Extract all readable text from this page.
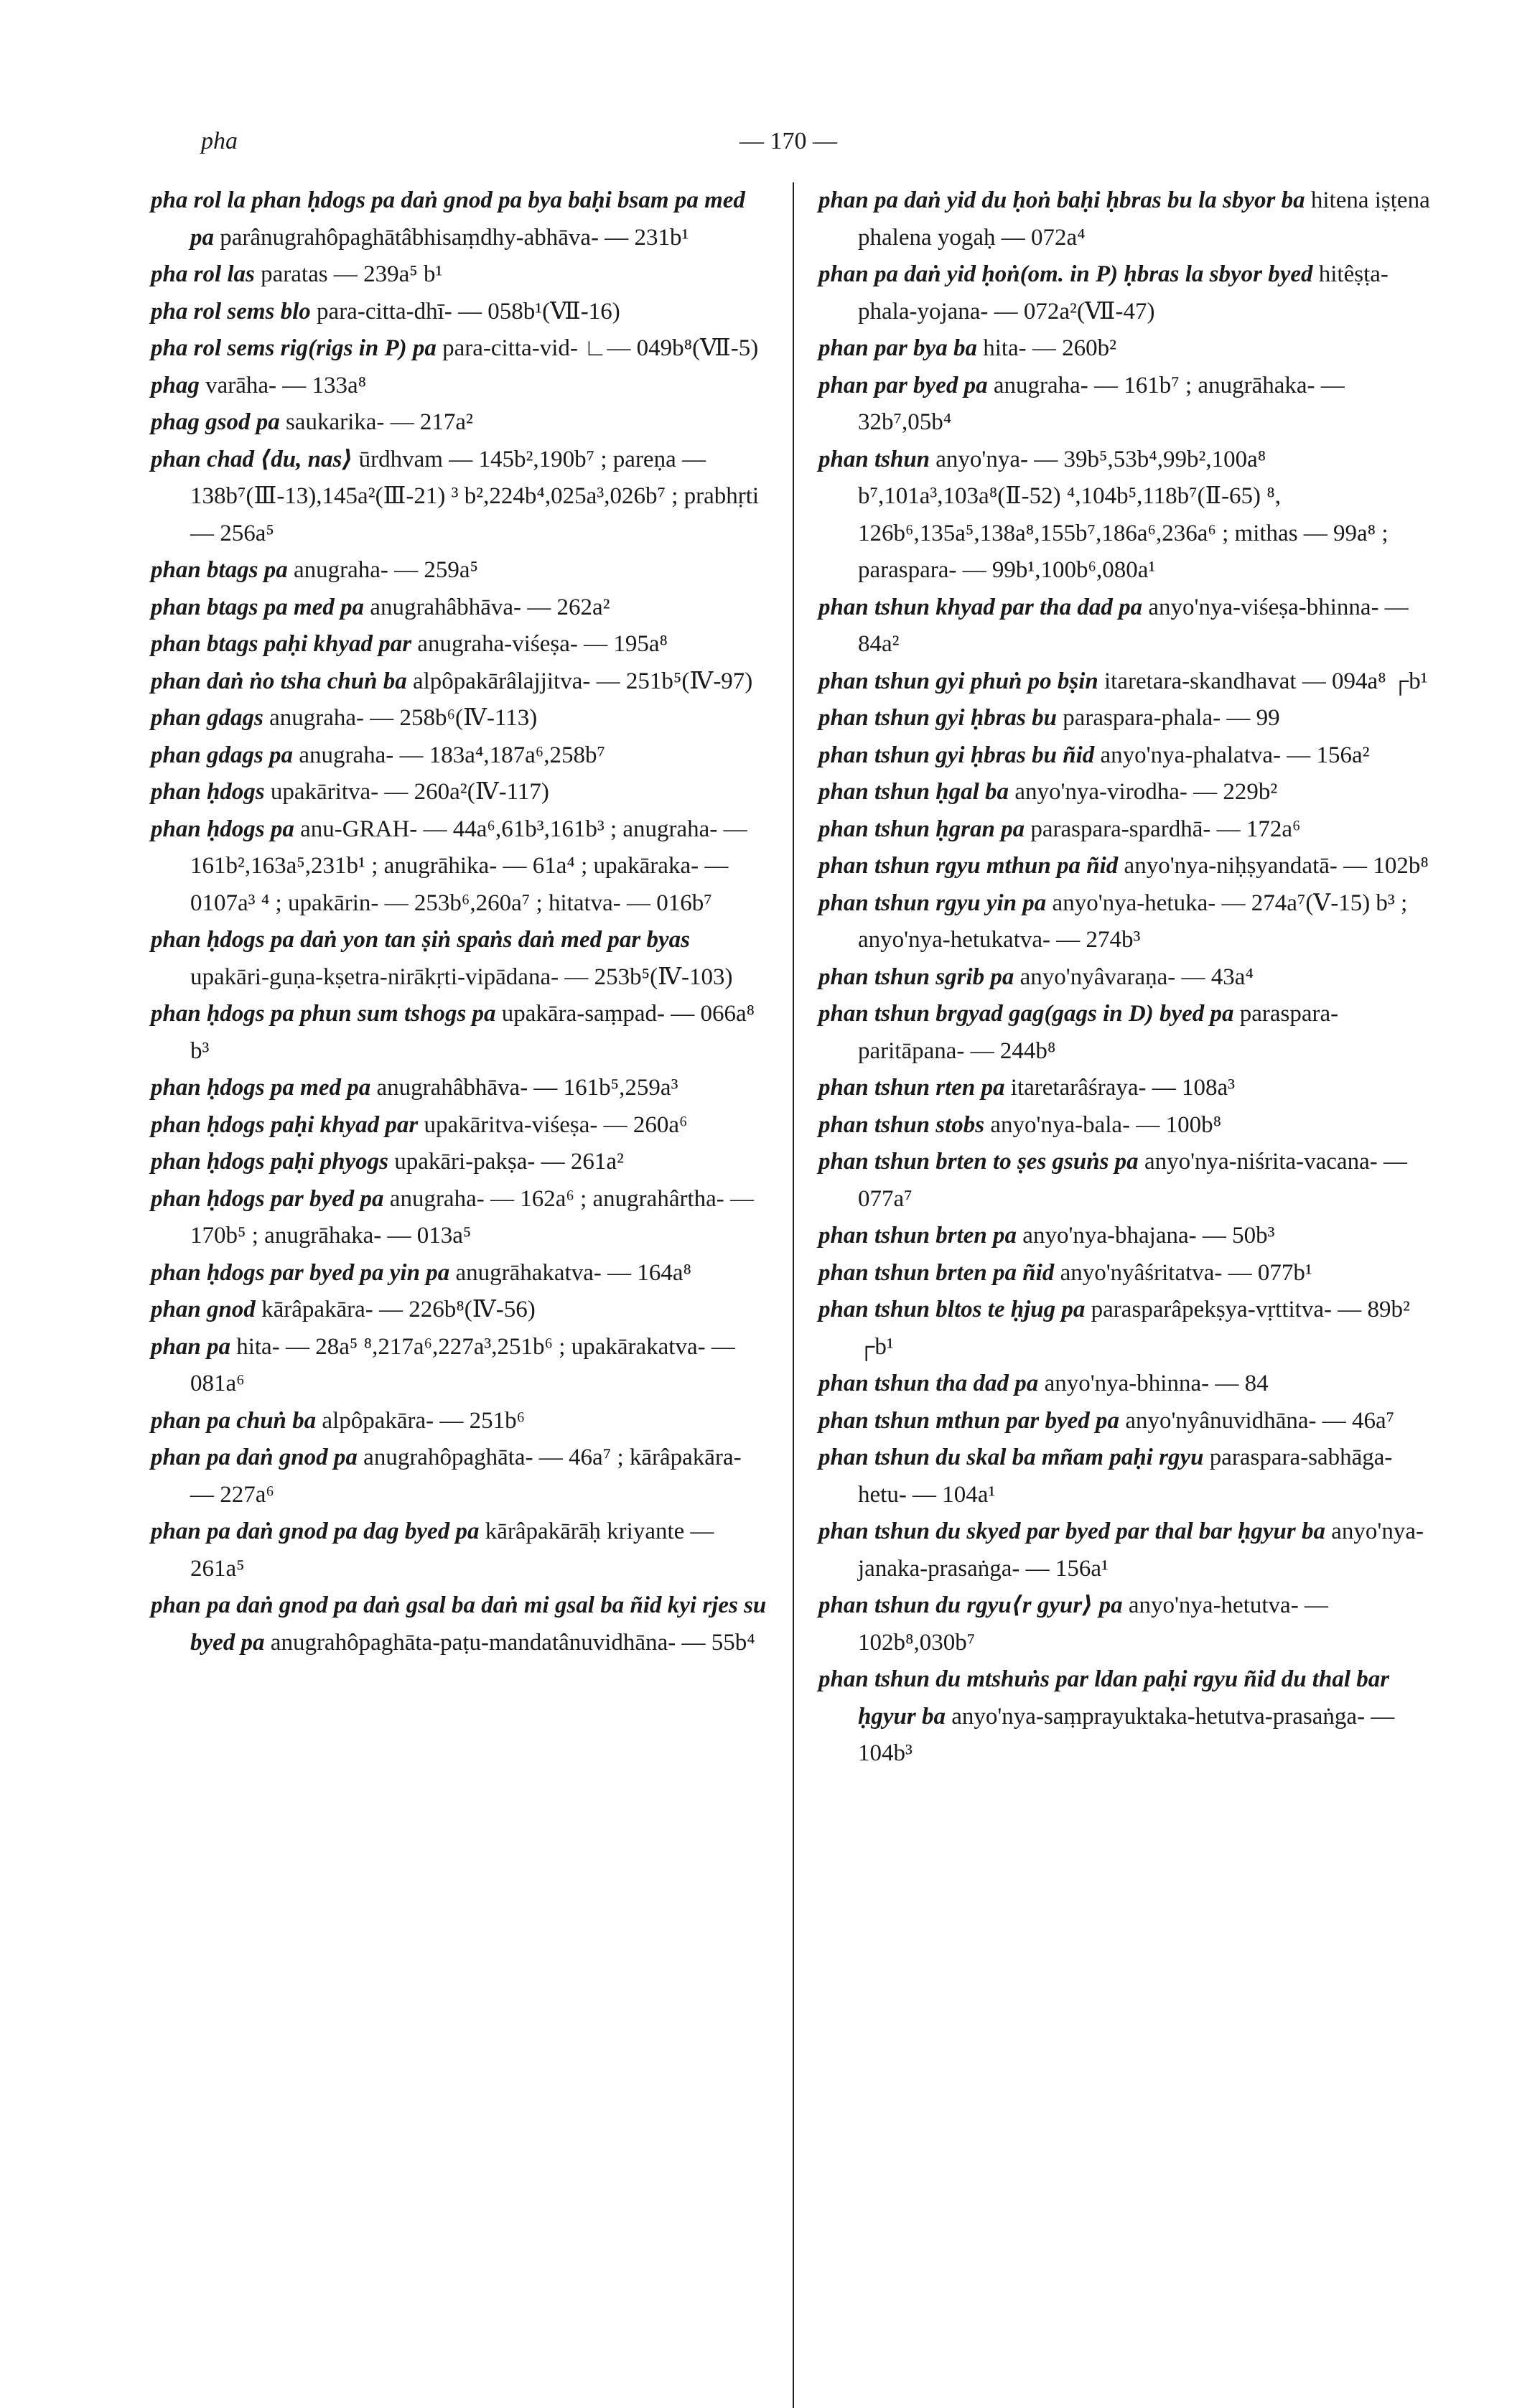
pha	— 170 —
pha rol la phan ḥdogs pa daṅ gnod pa bya baḥi bsam pa med pa parânugrahôpaghātâbhisaṃdhy-abhāva- — 231b¹
pha rol las paratas — 239a⁵ b¹
pha rol sems blo para-citta-dhī- — 058b¹(Ⅶ-16)
pha rol sems rig(rigs in P) pa para-citta-vid- ∟— 049b⁸(Ⅶ-5)
phag varāha- — 133a⁸
phag gsod pa saukarika- — 217a²
phan chad ⟨du, nas⟩ ūrdhvam — 145b²,190b⁷ ; pareṇa — 138b⁷(Ⅲ-13),145a²(Ⅲ-21) ³ b²,224b⁴,025a³,026b⁷ ; prabhṛti — 256a⁵
phan btags pa anugraha- — 259a⁵
phan btags pa med pa anugrahâbhāva- — 262a²
phan btags paḥi khyad par anugraha-viśeṣa- — 195a⁸
phan daṅ ṅo tsha chuṅ ba alpôpakārâlajjitva- — 251b⁵(Ⅳ-97)
phan gdags anugraha- — 258b⁶(Ⅳ-113)
phan gdags pa anugraha- — 183a⁴,187a⁶,258b⁷
phan ḥdogs upakāritva- — 260a²(Ⅳ-117)
phan ḥdogs pa anu-GRAH- — 44a⁶,61b³,161b³ ; anugraha- — 161b²,163a⁵,231b¹ ; anugrāhika- — 61a⁴ ; upakāraka- — 0107a³ ⁴ ; upakārin- — 253b⁶,260a⁷ ; hitatva- — 016b⁷
phan ḥdogs pa daṅ yon tan ṣiṅ spaṅs daṅ med par byas upakāri-guṇa-kṣetra-nirākṛti-vipādana- — 253b⁵(Ⅳ-103)
phan ḥdogs pa phun sum tshogs pa upakāra-saṃpad- — 066a⁸ b³
phan ḥdogs pa med pa anugrahâbhāva- — 161b⁵,259a³
phan ḥdogs paḥi khyad par upakāritva-viśeṣa- — 260a⁶
phan ḥdogs paḥi phyogs upakāri-pakṣa- — 261a²
phan ḥdogs par byed pa anugraha- — 162a⁶ ; anugrahârtha- — 170b⁵ ; anugrāhaka- — 013a⁵
phan ḥdogs par byed pa yin pa anugrāhakatva- — 164a⁸
phan gnod kārâpakāra- — 226b⁸(Ⅳ-56)
phan pa hita- — 28a⁵ ⁸,217a⁶,227a³,251b⁶ ; upakārakatva- — 081a⁶
phan pa chuṅ ba alpôpakāra- — 251b⁶
phan pa daṅ gnod pa anugrahôpaghāta- — 46a⁷ ; kārâpakāra- — 227a⁶
phan pa daṅ gnod pa dag byed pa kārâpakārāḥ kriyante — 261a⁵
phan pa daṅ gnod pa daṅ gsal ba daṅ mi gsal ba ñid kyi rjes su byed pa anugrahôpaghāta-paṭu-mandatânuvidhāna- — 55b⁴
phan pa daṅ yid du ḥoṅ baḥi ḥbras bu la sbyor ba hitena iṣṭena phalena yogaḥ — 072a⁴
phan pa daṅ yid ḥoṅ(om. in P) ḥbras la sbyor byed hitêṣṭa-phala-yojana- — 072a²(Ⅶ-47)
phan par bya ba hita- — 260b²
phan par byed pa anugraha- — 161b⁷ ; anugrāhaka- — 32b⁷,05b⁴
phan tshun anyo'nya- — 39b⁵,53b⁴,99b²,100a⁸ b⁷,101a³,103a⁸(Ⅱ-52) ⁴,104b⁵,118b⁷(Ⅱ-65) ⁸, 126b⁶,135a⁵,138a⁸,155b⁷,186a⁶,236a⁶ ; mithas — 99a⁸ ; paraspara- — 99b¹,100b⁶,080a¹
phan tshun khyad par tha dad pa anyo'nya-viśeṣa-bhinna- — 84a²
phan tshun gyi phuṅ po bṣin itaretara-skandhavat — 094a⁸ ┌b¹
phan tshun gyi ḥbras bu paraspara-phala- — 99
phan tshun gyi ḥbras bu ñid anyo'nya-phalatva- — 156a²
phan tshun ḥgal ba anyo'nya-virodha- — 229b²
phan tshun ḥgran pa paraspara-spardhā- — 172a⁶
phan tshun rgyu mthun pa ñid anyo'nya-niḥṣyandatā- — 102b⁸
phan tshun rgyu yin pa anyo'nya-hetuka- — 274a⁷(Ⅴ-15) b³ ; anyo'nya-hetukatva- — 274b³
phan tshun sgrib pa anyo'nyâvaraṇa- — 43a⁴
phan tshun brgyad gag(gags in D) byed pa paraspara-paritāpana- — 244b⁸
phan tshun rten pa itaretarâśraya- — 108a³
phan tshun stobs anyo'nya-bala- — 100b⁸
phan tshun brten to ṣes gsuṅs pa anyo'nya-niśrita-vacana- — 077a⁷
phan tshun brten pa anyo'nya-bhajana- — 50b³
phan tshun brten pa ñid anyo'nyâśritatva- — 077b¹
phan tshun bltos te ḥjug pa parasparâpekṣya-vṛttitva- — 89b² ┌b¹
phan tshun tha dad pa anyo'nya-bhinna- — 84
phan tshun mthun par byed pa anyo'nyânuvidhāna- — 46a⁷
phan tshun du skal ba mñam paḥi rgyu paraspara-sabhāga-hetu- — 104a¹
phan tshun du skyed par byed par thal bar ḥgyur ba anyo'nya-janaka-prasaṅga- — 156a¹
phan tshun du rgyu⟨r gyur⟩ pa anyo'nya-hetutva- — 102b⁸,030b⁷
phan tshun du mtshuṅs par ldan paḥi rgyu ñid du thal bar ḥgyur ba anyo'nya-saṃprayuktaka-hetutva-prasaṅga- — 104b³
